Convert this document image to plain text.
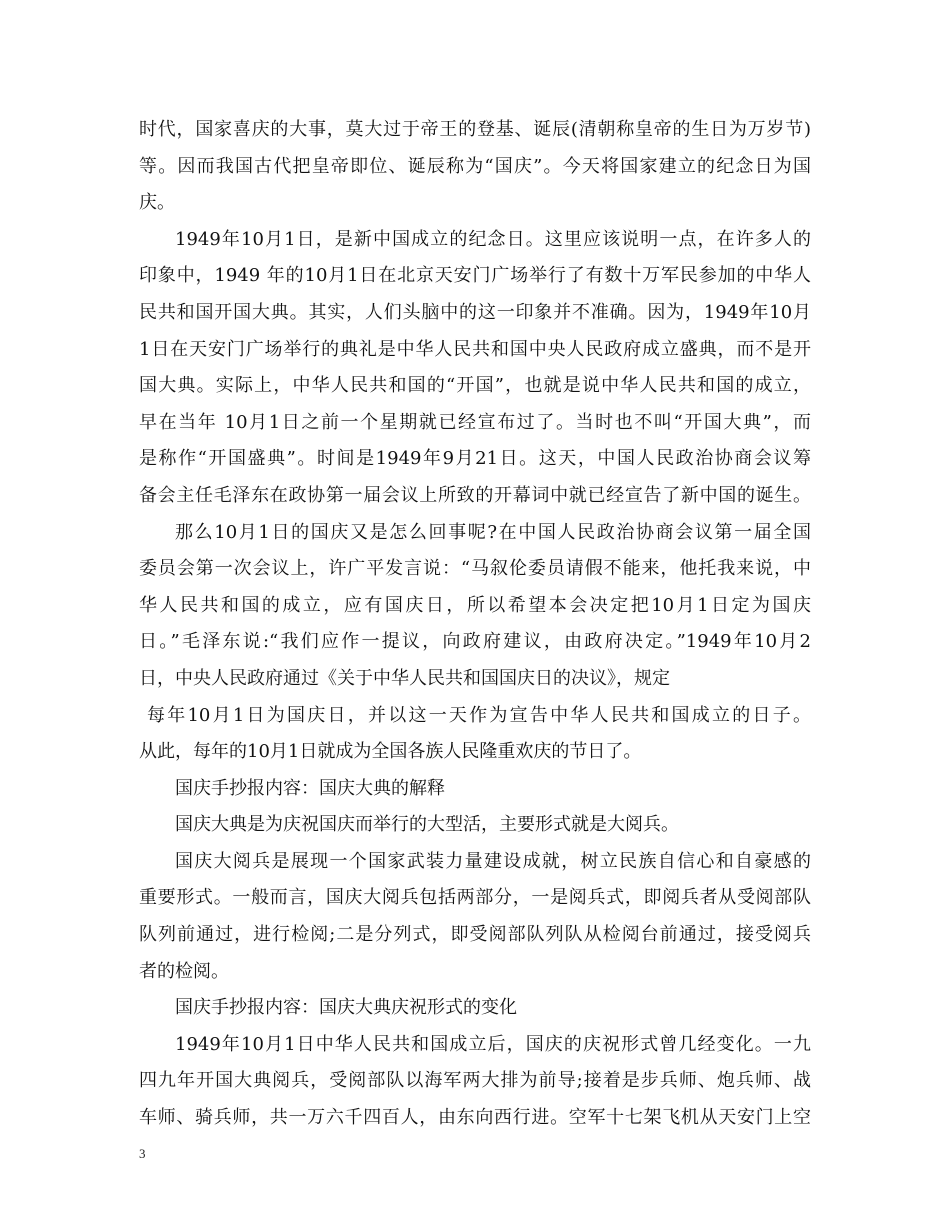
时代，国家喜庆的大事，莫大过于帝王的登基、诞辰(清朝称皇帝的生日为万岁节)
等。因而我国古代把皇帝即位、诞辰称为“国庆”。今天将国家建立的纪念日为国
庆。
1949年10月1日，是新中国成立的纪念日。这里应该说明一点，在许多人的
印象中，1949 年的10月1日在北京天安门广场举行了有数十万军民参加的中华人
民共和国开国大典。其实，人们头脑中的这一印象并不准确。因为，1949年10月
1日在天安门广场举行的典礼是中华人民共和国中央人民政府成立盛典，而不是开
国大典。实际上，中华人民共和国的“开国”，也就是说中华人民共和国的成立，
早在当年 10月1日之前一个星期就已经宣布过了。当时也不叫“开国大典”，而
是称作“开国盛典”。时间是1949年9月21日。这天，中国人民政治协商会议筹
备会主任毛泽东在政协第一届会议上所致的开幕词中就已经宣告了新中国的诞生。
那么10月1日的国庆又是怎么回事呢?在中国人民政治协商会议第一届全国
委员会第一次会议上，许广平发言说：“马叙伦委员请假不能来，他托我来说，中
华人民共和国的成立，应有国庆日，所以希望本会决定把10月1日定为国庆
日。”毛泽东说:“我们应作一提议，向政府建议，由政府决定。”1949年10月2
日，中央人民政府通过《关于中华人民共和国国庆日的决议》，规定
每年10月1日为国庆日，并以这一天作为宣告中华人民共和国成立的日子。
从此，每年的10月1日就成为全国各族人民隆重欢庆的节日了。
国庆手抄报内容：国庆大典的解释
国庆大典是为庆祝国庆而举行的大型活，主要形式就是大阅兵。
国庆大阅兵是展现一个国家武装力量建设成就，树立民族自信心和自豪感的
重要形式。一般而言，国庆大阅兵包括两部分，一是阅兵式，即阅兵者从受阅部队
队列前通过，进行检阅;二是分列式，即受阅部队列队从检阅台前通过，接受阅兵
者的检阅。
国庆手抄报内容：国庆大典庆祝形式的变化
1949年10月1日中华人民共和国成立后，国庆的庆祝形式曾几经变化。一九
四九年开国大典阅兵，受阅部队以海军两大排为前导;接着是步兵师、炮兵师、战
车师、骑兵师，共一万六千四百人，由东向西行进。空军十七架飞机从天安门上空
3
